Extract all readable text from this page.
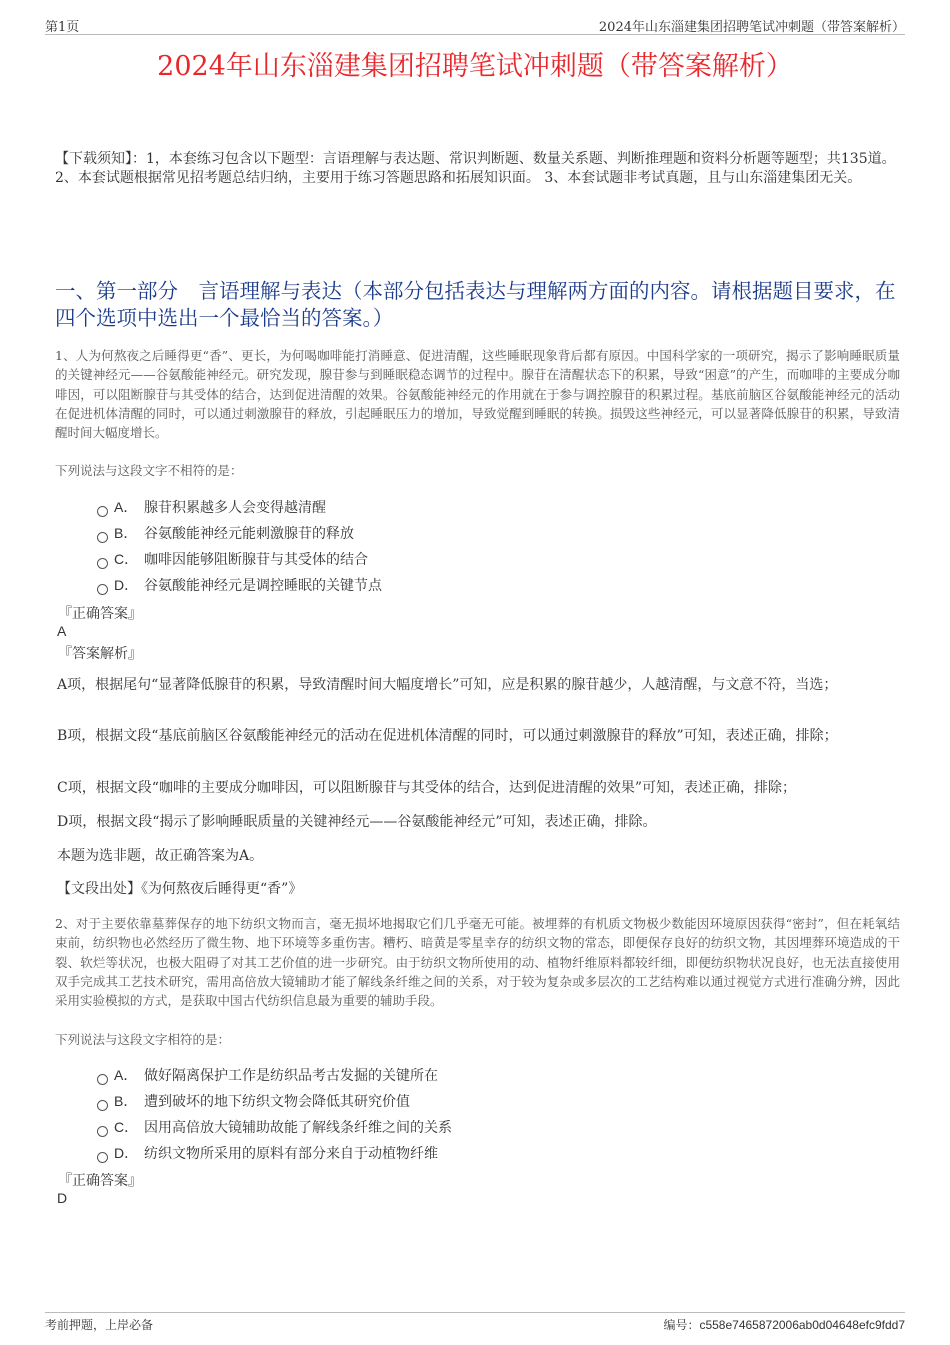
第1页	2024年山东淄建集团招聘笔试冲刺题（带答案解析）
2024年山东淄建集团招聘笔试冲刺题（带答案解析）
【下载须知】：1，本套练习包含以下题型：言语理解与表达题、常识判断题、数量关系题、判断推理题和资料分析题等题型；共135道。 2、本套试题根据常见招考题总结归纳，主要用于练习答题思路和拓展知识面。 3、本套试题非考试真题，且与山东淄建集团无关。
一、第一部分　言语理解与表达（本部分包括表达与理解两方面的内容。请根据题目要求，在四个选项中选出一个最恰当的答案。）
1、人为何熬夜之后睡得更“香”、更长，为何喝咖啡能打消睡意、促进清醒，这些睡眠现象背后都有原因。中国科学家的一项研究，揭示了影响睡眠质量的关键神经元——谷氨酸能神经元。研究发现，腺苷参与到睡眠稳态调节的过程中。腺苷在清醒状态下的积累，导致“困意”的产生，而咖啡的主要成分咖啡因，可以阻断腺苷与其受体的结合，达到促进清醒的效果。谷氨酸能神经元的作用就在于参与调控腺苷的积累过程。基底前脑区谷氨酸能神经元的活动在促进机体清醒的同时，可以通过刺激腺苷的释放，引起睡眠压力的增加，导致觉醒到睡眠的转换。损毁这些神经元，可以显著降低腺苷的积累，导致清醒时间大幅度增长。
下列说法与这段文字不相符的是：
A． 腺苷积累越多人会变得越清醒
B． 谷氨酸能神经元能刺激腺苷的释放
C． 咖啡因能够阻断腺苷与其受体的结合
D． 谷氨酸能神经元是调控睡眠的关键节点
『正确答案』
A
『答案解析』
A项，根据尾句“显著降低腺苷的积累，导致清醒时间大幅度增长”可知，应是积累的腺苷越少，人越清醒，与文意不符，当选；
B项，根据文段“基底前脑区谷氨酸能神经元的活动在促进机体清醒的同时，可以通过刺激腺苷的释放”可知，表述正确，排除；
C项，根据文段“咖啡的主要成分咖啡因，可以阻断腺苷与其受体的结合，达到促进清醒的效果”可知，表述正确，排除；
D项，根据文段“揭示了影响睡眠质量的关键神经元——谷氨酸能神经元”可知，表述正确，排除。
本题为选非题，故正确答案为A。
【文段出处】《为何熬夜后睡得更“香”》
2、对于主要依靠墓葬保存的地下纺织文物而言，毫无损坏地揭取它们几乎毫无可能。被埋葬的有机质文物极少数能因环境原因获得“密封”，但在耗氧结束前，纺织物也必然经历了微生物、地下环境等多重伤害。糟朽、暗黄是零星幸存的纺织文物的常态，即便保存良好的纺织文物，其因埋葬环境造成的干裂、软烂等状况，也极大阻碍了对其工艺价值的进一步研究。由于纺织文物所使用的动、植物纤维原料都较纤细，即便纺织物状况良好，也无法直接使用双手完成其工艺技术研究，需用高倍放大镜辅助才能了解线条纤维之间的关系，对于较为复杂或多层次的工艺结构难以通过视觉方式进行准确分辨，因此采用实验模拟的方式，是获取中国古代纺织信息最为重要的辅助手段。
下列说法与这段文字相符的是：
A． 做好隔离保护工作是纺织品考古发掘的关键所在
B． 遭到破坏的地下纺织文物会降低其研究价值
C． 因用高倍放大镜辅助故能了解线条纤维之间的关系
D． 纺织文物所采用的原料有部分来自于动植物纤维
『正确答案』
D
考前押题，上岸必备	编号：c558e7465872006ab0d04648efc9fdd7
